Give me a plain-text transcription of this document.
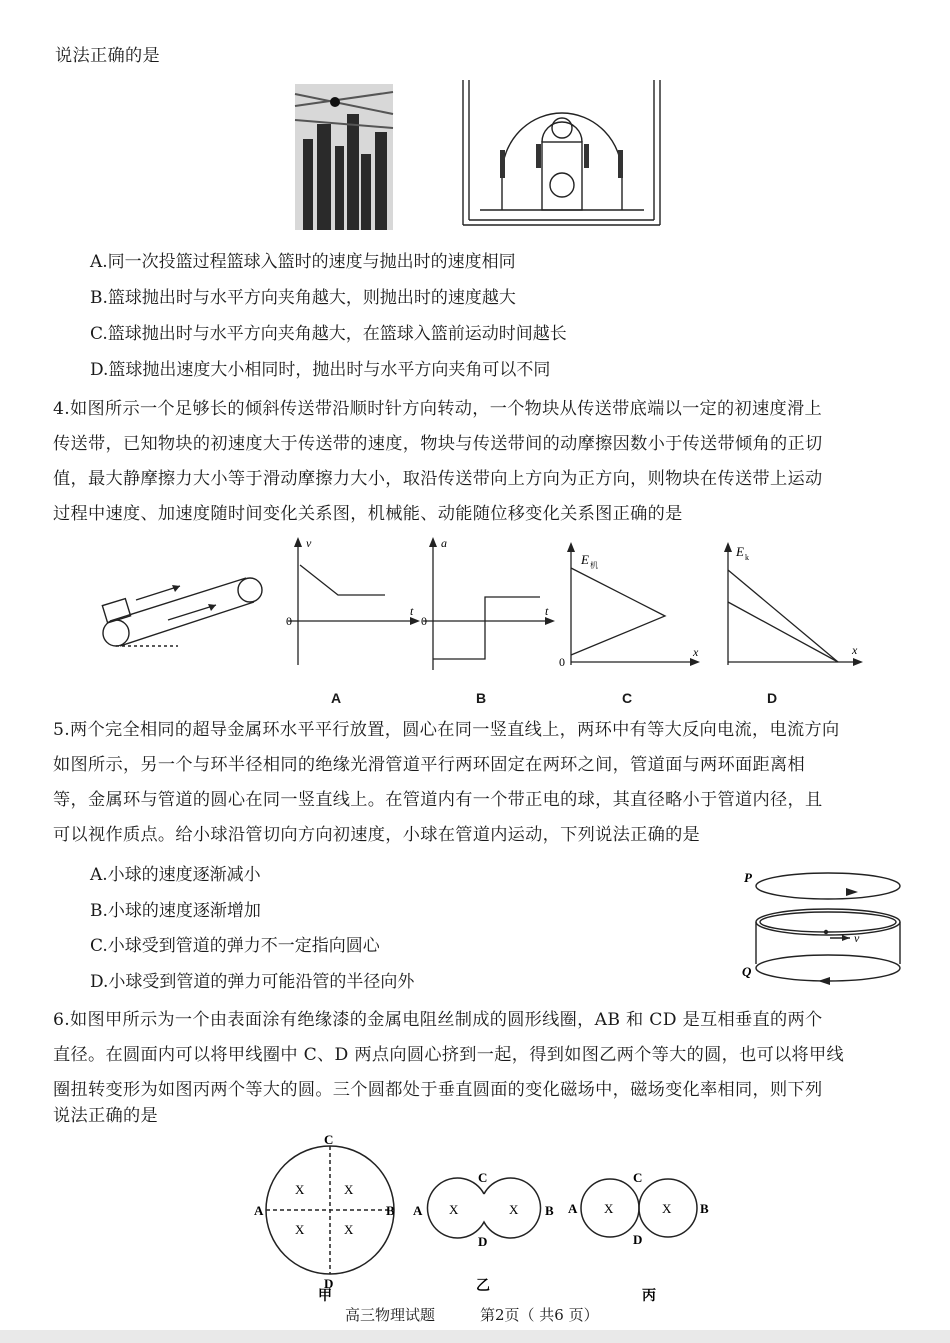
说法正确的是
A.同一次投篮过程篮球入篮时的速度与抛出时的速度相同
B.篮球抛出时与水平方向夹角越大，则抛出时的速度越大
C.篮球抛出时与水平方向夹角越大，在篮球入篮前运动时间越长
D.篮球抛出速度大小相同时，抛出时与水平方向夹角可以不同
4.如图所示一个足够长的倾斜传送带沿顺时针方向转动，一个物块从传送带底端以一定的初速度滑上
传送带，已知物块的初速度大于传送带的速度，物块与传送带间的动摩擦因数小于传送带倾角的正切
值，最大静摩擦力大小等于滑动摩擦力大小，取沿传送带向上方向为正方向，则物块在传送带上运动
过程中速度、加速度随时间变化关系图，机械能、动能随位移变化关系图正确的是
v
t
0
A
a
t
0
B
E 机
x
0
C
E k
x
D
5.两个完全相同的超导金属环水平平行放置，圆心在同一竖直线上，两环中有等大反向电流，电流方向
如图所示，另一个与环半径相同的绝缘光滑管道平行两环固定在两环之间，管道面与两环面距离相
等，金属环与管道的圆心在同一竖直线上。在管道内有一个带正电的球，其直径略小于管道内径，且
可以视作质点。给小球沿管切向方向初速度，小球在管道内运动，下列说法正确的是
A.小球的速度逐渐减小
B.小球的速度逐渐增加
C.小球受到管道的弹力不一定指向圆心
D.小球受到管道的弹力可能沿管的半径向外
P
Q
v
6.如图甲所示为一个由表面涂有绝缘漆的金属电阻丝制成的圆形线圈，AB 和 CD 是互相垂直的两个
直径。在圆面内可以将甲线圈中 C、D 两点向圆心挤到一起，得到如图乙两个等大的圆，也可以将甲线
圈扭转变形为如图丙两个等大的圆。三个圆都处于垂直圆面的变化磁场中，磁场变化率相同，则下列
说法正确的是
C
D
A	B
X	X
X	X
甲
C
D
A	B
X	X
乙
C
D
A	B
X	X
丙
高三物理试题	第2页（ 共6 页）
